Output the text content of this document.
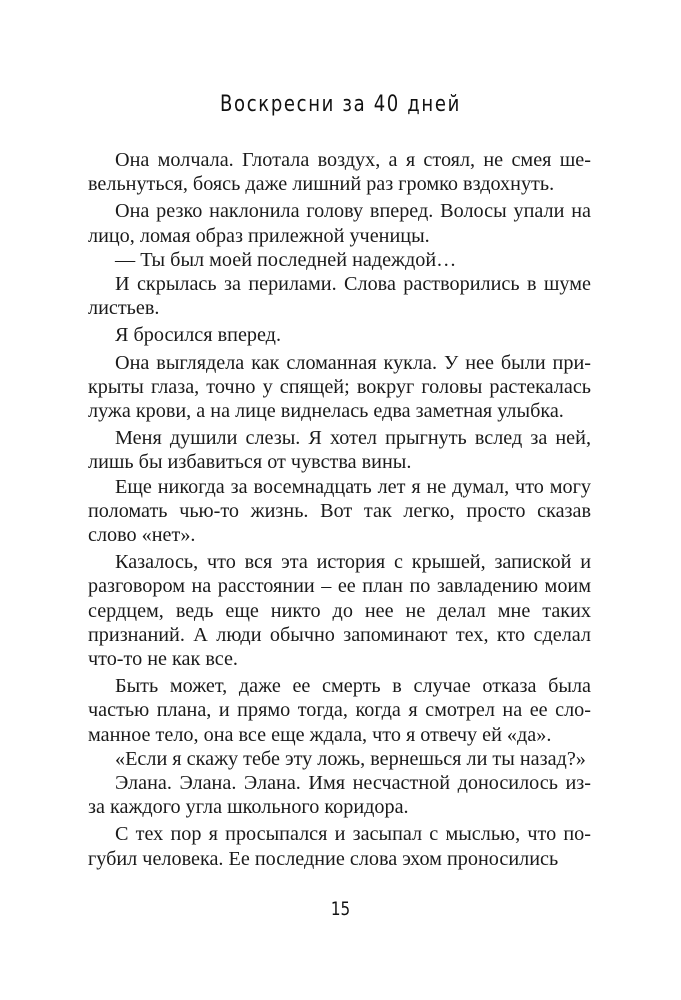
Воскресни за 40 дней

Она молчала. Глотала воздух, а я стоял, не смея шевельнуться, боясь даже лишний раз громко вздохнуть.

Она резко наклонила голову вперед. Волосы упали на лицо, ломая образ прилежной ученицы.

— Ты был моей последней надеждой…

И скрылась за перилами. Слова растворились в шуме листьев.

Я бросился вперед.

Она выглядела как сломанная кукла. У нее были прикрыты глаза, точно у спящей; вокруг головы растекалась лужа крови, а на лице виднелась едва заметная улыбка.

Меня душили слезы. Я хотел прыгнуть вслед за ней, лишь бы избавиться от чувства вины.

Еще никогда за восемнадцать лет я не думал, что могу поломать чью-то жизнь. Вот так легко, просто сказав слово «нет».

Казалось, что вся эта история с крышей, запиской и разговором на расстоянии – ее план по завладению моим сердцем, ведь еще никто до нее не делал мне таких признаний. А люди обычно запоминают тех, кто сделал что-то не как все.

Быть может, даже ее смерть в случае отказа была частью плана, и прямо тогда, когда я смотрел на ее сломанное тело, она все еще ждала, что я отвечу ей «да».

«Если я скажу тебе эту ложь, вернешься ли ты назад?»

Элана. Элана. Элана. Имя несчастной доносилось из-за каждого угла школьного коридора.

С тех пор я просыпался и засыпал с мыслью, что погубил человека. Ее последние слова эхом проносились

15
